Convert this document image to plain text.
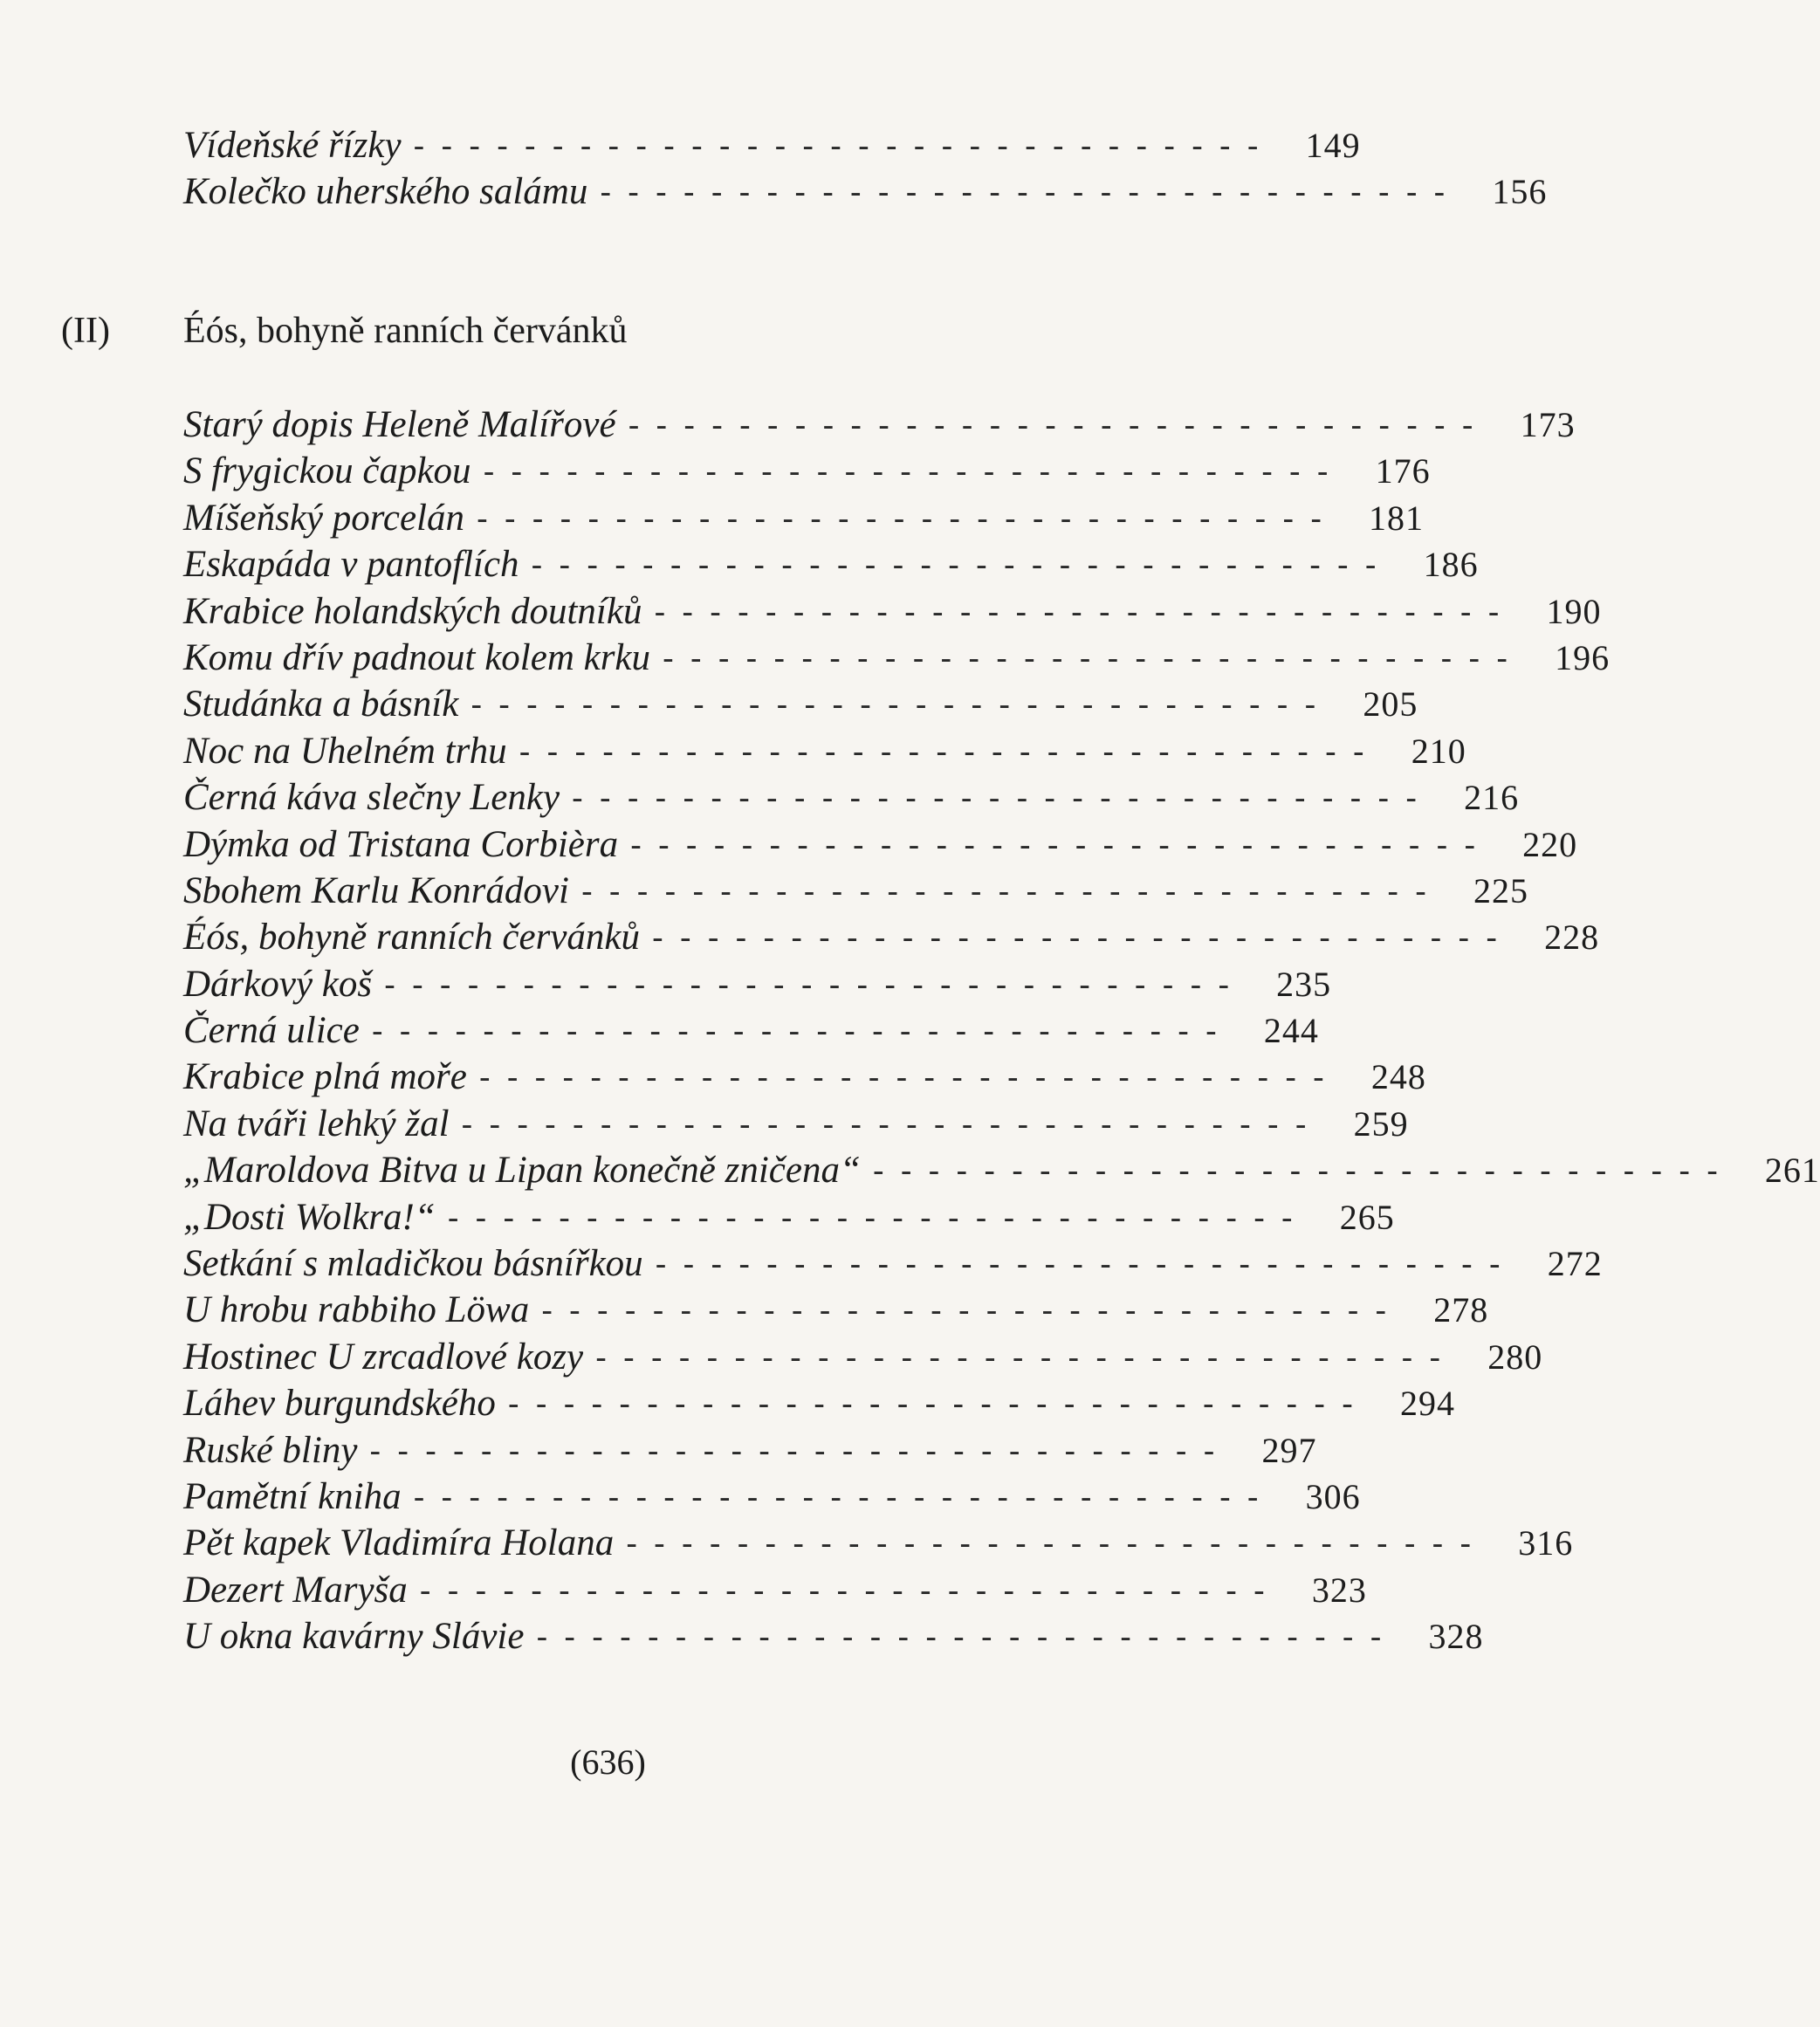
Vídeňské řízky ------------------------------- 149
Kolečko uherského salámu ------------------------------- 156
(II)	Éós, bohyně ranních červánků
Starý dopis Heleně Malířové ------------------------------- 173
S frygickou čapkou ------------------------------- 176
Míšeňský porcelán ------------------------------- 181
Eskapáda v pantoflích ------------------------------- 186
Krabice holandských doutníků ------------------------------- 190
Komu dřív padnout kolem krku ------------------------------- 196
Studánka a básník ------------------------------- 205
Noc na Uhelném trhu ------------------------------- 210
Černá káva slečny Lenky ------------------------------- 216
Dýmka od Tristana Corbièra ------------------------------- 220
Sbohem Karlu Konrádovi ------------------------------- 225
Éós, bohyně ranních červánků ------------------------------- 228
Dárkový koš ------------------------------- 235
Černá ulice ------------------------------- 244
Krabice plná moře ------------------------------- 248
Na tváři lehký žal ------------------------------- 259
„Maroldova Bitva u Lipan konečně zničena“ ------------------------------- 261
„Dosti Wolkra!“ ------------------------------- 265
Setkání s mladičkou básnířkou ------------------------------- 272
U hrobu rabbiho Löwa ------------------------------- 278
Hostinec U zrcadlové kozy ------------------------------- 280
Láhev burgundského ------------------------------- 294
Ruské bliny ------------------------------- 297
Pamětní kniha ------------------------------- 306
Pět kapek Vladimíra Holana ------------------------------- 316
Dezert Maryša ------------------------------- 323
U okna kavárny Slávie ------------------------------- 328
(636)
